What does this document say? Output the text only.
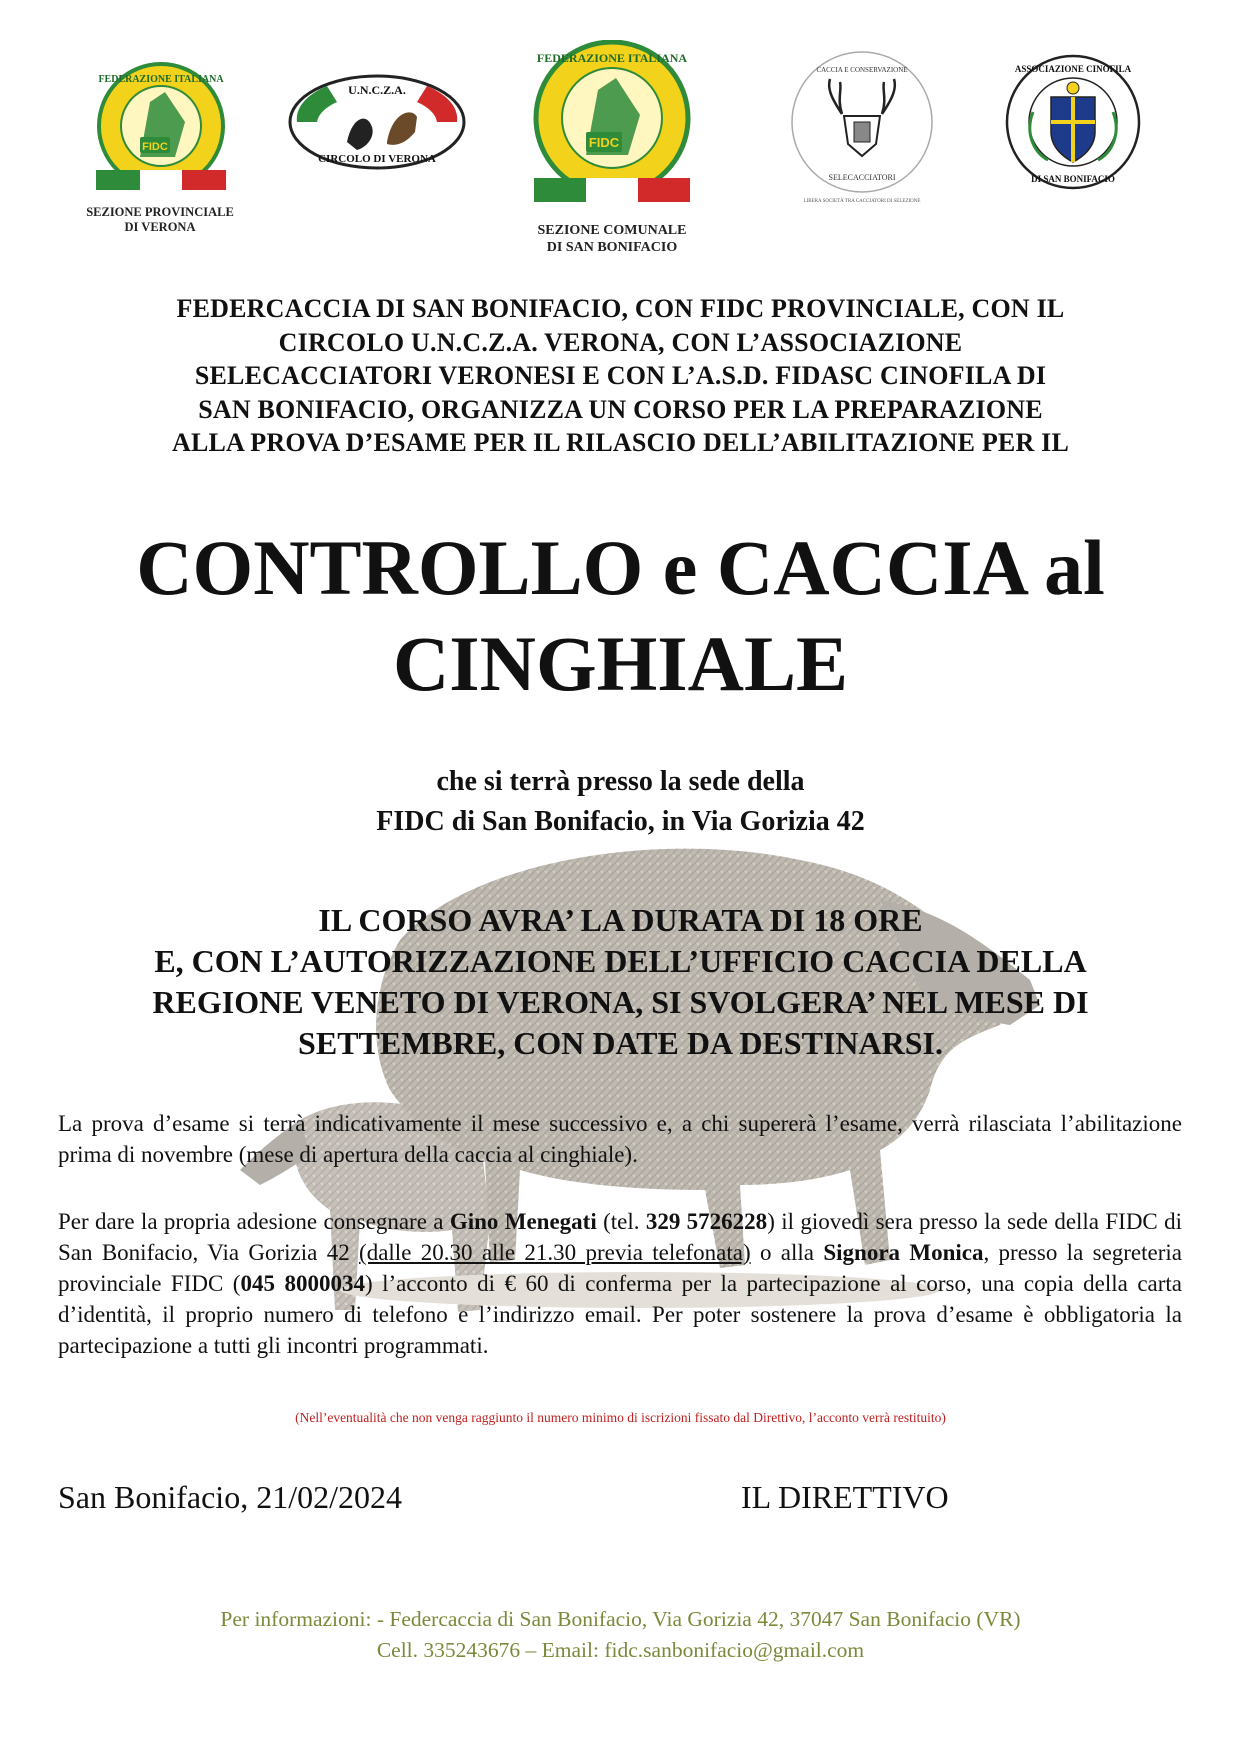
FIDC
FEDERAZIONE ITALIANA
SEZIONE PROVINCIALE
DI VERONA
U.N.C.Z.A.
CIRCOLO DI VERONA
FIDC
FEDERAZIONE ITALIANA
SEZIONE COMUNALE
DI SAN BONIFACIO
CACCIA E CONSERVAZIONE
SELECACCIATORI
LIBERA SOCIETÀ TRA CACCIATORI DI SELEZIONE
ASSOCIAZIONE CINOFILA
DI SAN BONIFACIO
FEDERCACCIA DI SAN BONIFACIO, CON FIDC PROVINCIALE, CON IL
CIRCOLO U.N.C.Z.A. VERONA, CON L’ASSOCIAZIONE
SELECACCIATORI VERONESI E CON L’A.S.D. FIDASC CINOFILA DI
SAN BONIFACIO, ORGANIZZA UN CORSO PER LA PREPARAZIONE
ALLA PROVA D’ESAME PER IL RILASCIO DELL’ABILITAZIONE PER IL
CONTROLLO e CACCIA al
CINGHIALE
che si terrà presso la sede della
FIDC di San Bonifacio, in Via Gorizia 42
IL CORSO AVRA’ LA DURATA DI 18 ORE
E, CON L’AUTORIZZAZIONE DELL’UFFICIO CACCIA DELLA
REGIONE VENETO DI VERONA, SI SVOLGERA’ NEL MESE DI
SETTEMBRE, CON DATE DA DESTINARSI.
La prova d’esame si terrà indicativamente il mese successivo e, a chi supererà l’esame, verrà rilasciata l’abilitazione prima di novembre (mese di apertura della caccia al cinghiale).
Per dare la propria adesione consegnare a Gino Menegati (tel. 329 5726228) il giovedì sera presso la sede della FIDC di San Bonifacio, Via Gorizia 42 (dalle 20.30 alle 21.30 previa telefonata) o alla Signora Monica, presso la segreteria provinciale FIDC (045 8000034) l’acconto di € 60 di conferma per la partecipazione al corso, una copia della carta d’identità, il proprio numero di telefono e l’indirizzo email. Per poter sostenere la prova d’esame è obbligatoria la partecipazione a tutti gli incontri programmati.
(Nell’eventualità che non venga raggiunto il numero minimo di iscrizioni fissato dal Direttivo, l’acconto verrà restituito)
San Bonifacio, 21/02/2024	IL DIRETTIVO
Per informazioni: - Federcaccia di San Bonifacio, Via Gorizia 42, 37047 San Bonifacio (VR)
Cell. 335243676 – Email: fidc.sanbonifacio@gmail.com
